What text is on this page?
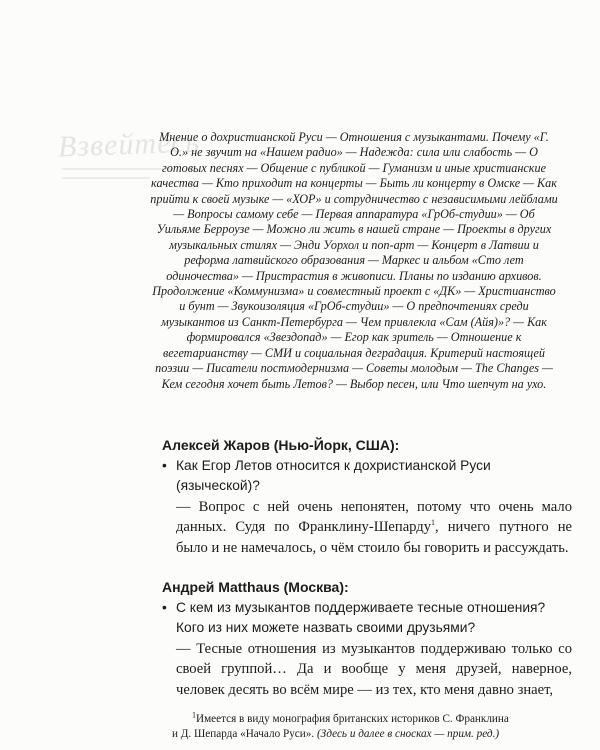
Взвейтесь

Мнение о дохристианской Руси — Отношения с музыкантами. Почему «Г. О.» не звучит на «Нашем радио» — Надежда: сила или слабость — О готовых песнях — Общение с публикой — Гуманизм и иные христианские качества — Кто приходит на концерты — Быть ли концерту в Омске — Как прийти к своей музыке — «ХОР» и сотрудничество с независимыми лейблами — Вопросы самому себе — Первая аппаратура «ГрОб-студии» — Об Уильяме Берроузе — Можно ли жить в нашей стране — Проекты в других музыкальных стилях — Энди Уорхол и поп-арт — Концерт в Латвии и реформа латвийского образования — Маркес и альбом «Сто лет одиночества» — Пристрастия в живописи. Планы по изданию архивов. Продолжение «Коммунизма» и совместный проект с «ДК» — Христианство и бунт — Звукоизоляция «ГрОб-студии» — О предпочтениях среди музыкантов из Санкт-Петербурга — Чем привлекла «Сам (Айя)»? — Как формировался «Звездопад» — Егор как зритель — Отношение к вегетарианству — СМИ и социальная деградация. Критерий настоящей поэзии — Писатели постмодернизма — Советы молодым — The Changes — Кем сегодня хочет быть Летов? — Выбор песен, или Что шепчут на ухо.

Алексей Жаров (Нью-Йорк, США):

• Как Егор Летов относится к дохристианской Руси (языческой)?

— Вопрос с ней очень непонятен, потому что очень мало данных. Судя по Франклину-Шепарду$^1$, ничего путного не было и не намечалось, о чём стоило бы говорить и рассуждать.

Андрей Matthaus (Москва):

• С кем из музыкантов поддерживаете тесные отношения? Кого из них можете назвать своими друзьями?

— Тесные отношения из музыкантов поддерживаю только со своей группой… Да и вообще у меня друзей, наверное, человек десять во всём мире — из тех, кто меня давно знает,

$^1$Имеется в виду монография британских историков С. Франклина

и Д. Шепарда «Начало Руси». (Здесь и далее в сносках — прим. ред.)
